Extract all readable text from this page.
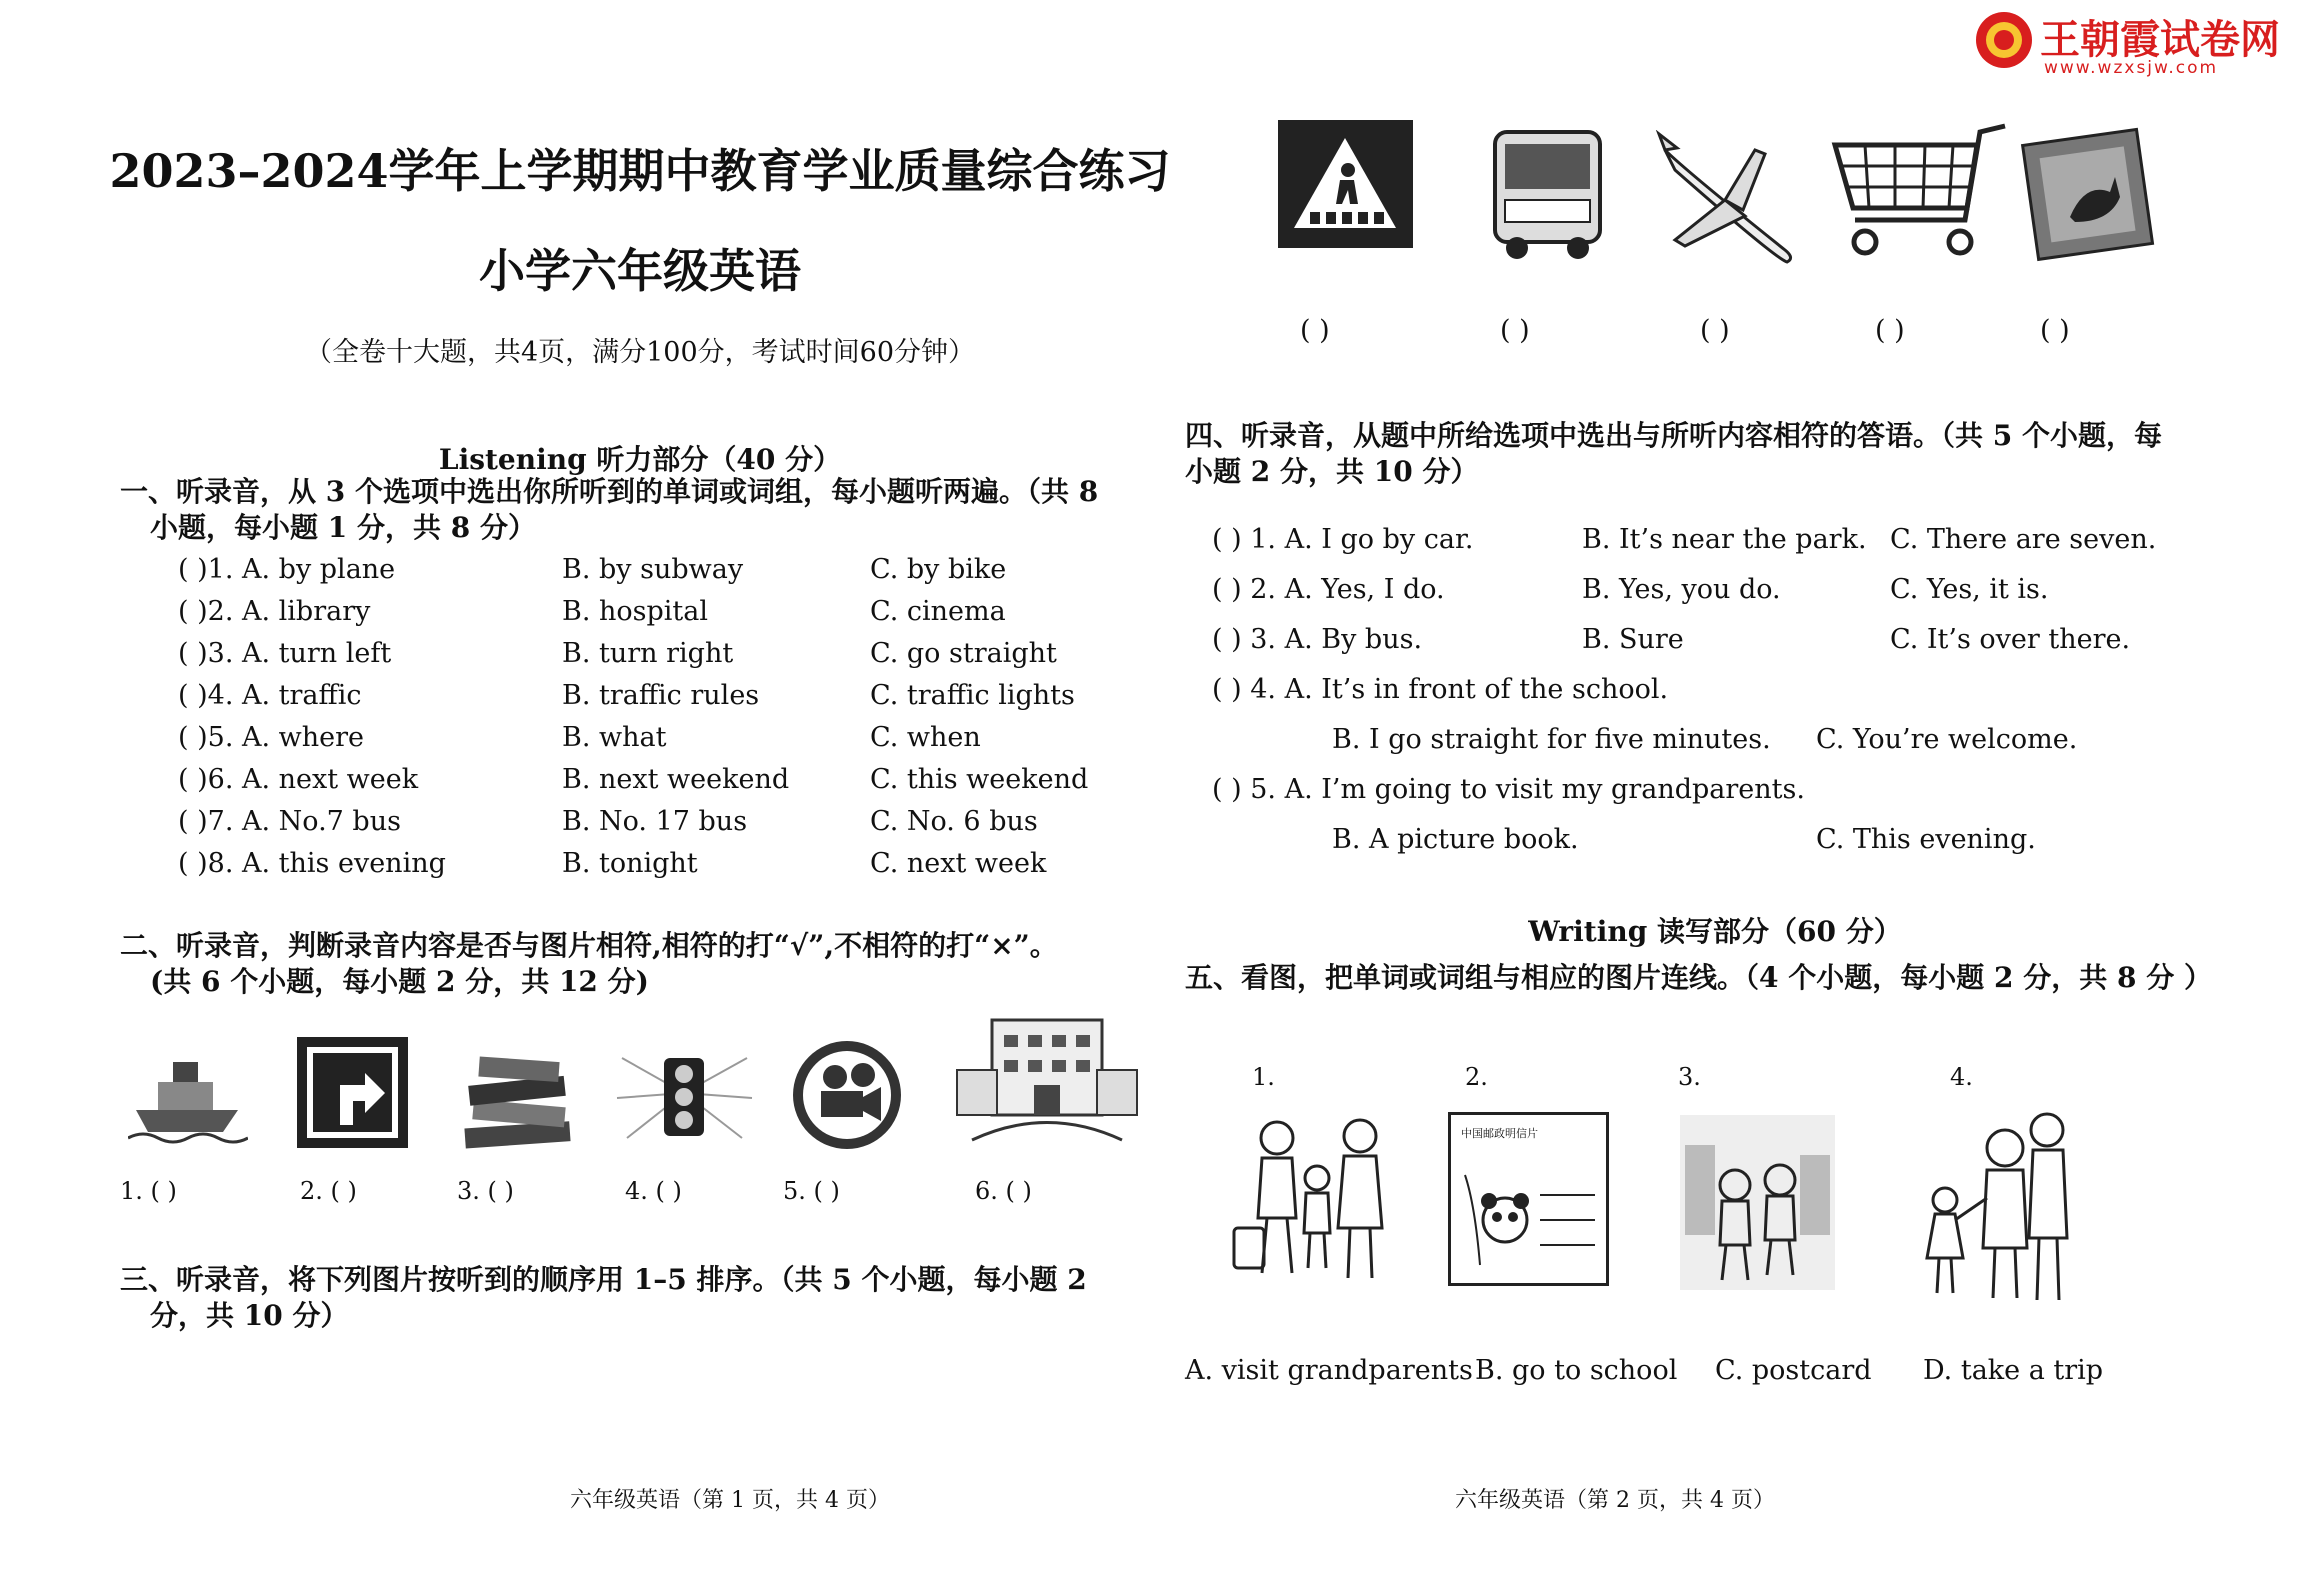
王朝霞试卷网
www.wzxsjw.com
2023–2024学年上学期期中教育学业质量综合练习
小学六年级英语
（全卷十大题，共4页，满分100分，考试时间60分钟）
Listening 听力部分（40 分）
一、听录音，从 3 个选项中选出你所听到的单词或词组，每小题听两遍。（共 8
小题，每小题 1 分，共 8 分）
( )1. A. by plane	B. by subway	C. by bike
( )2. A. library	B. hospital	C. cinema
( )3. A. turn left	B. turn right	C. go straight
( )4. A. traffic	B. traffic rules	C. traffic lights
( )5. A. where	B. what	C. when
( )6. A. next week	B. next weekend	C. this weekend
( )7. A. No.7 bus	B. No. 17 bus	C. No. 6 bus
( )8. A. this evening	B. tonight	C. next week
二、听录音，判断录音内容是否与图片相符,相符的打“√”,不相符的打“×”。
(共 6 个小题，每小题 2 分，共 12 分)
1. ( )	2. ( )	3. ( )	4. ( )	5. ( )	6. ( )
三、听录音，将下列图片按听到的顺序用 1–5 排序。（共 5 个小题，每小题 2
分，共 10 分）
六年级英语（第 1 页，共 4 页）
( )	( )	( )	( )	( )
四、听录音，从题中所给选项中选出与所听内容相符的答语。（共 5 个小题，每
小题 2 分，共 10 分）
( ) 1. A. I go by car.	B. It’s near the park. C. There are seven.
( ) 2. A. Yes, I do.	B. Yes, you do.	C. Yes, it is.
( ) 3. A. By bus.	B. Sure	C. It’s over there.
( ) 4. A. It’s in front of the school.
B. I go straight for five minutes. C. You’re welcome.
( ) 5. A. I’m going to visit my grandparents.
B. A picture book.	C. This evening.
Writing 读写部分（60 分）
五、看图，把单词或词组与相应的图片连线。（4 个小题，每小题 2 分，共 8 分 ）
1.	2.	3.	4.
中国邮政明信片
A. visit grandparents B. go to school C. postcard D. take a trip
六年级英语（第 2 页，共 4 页）
